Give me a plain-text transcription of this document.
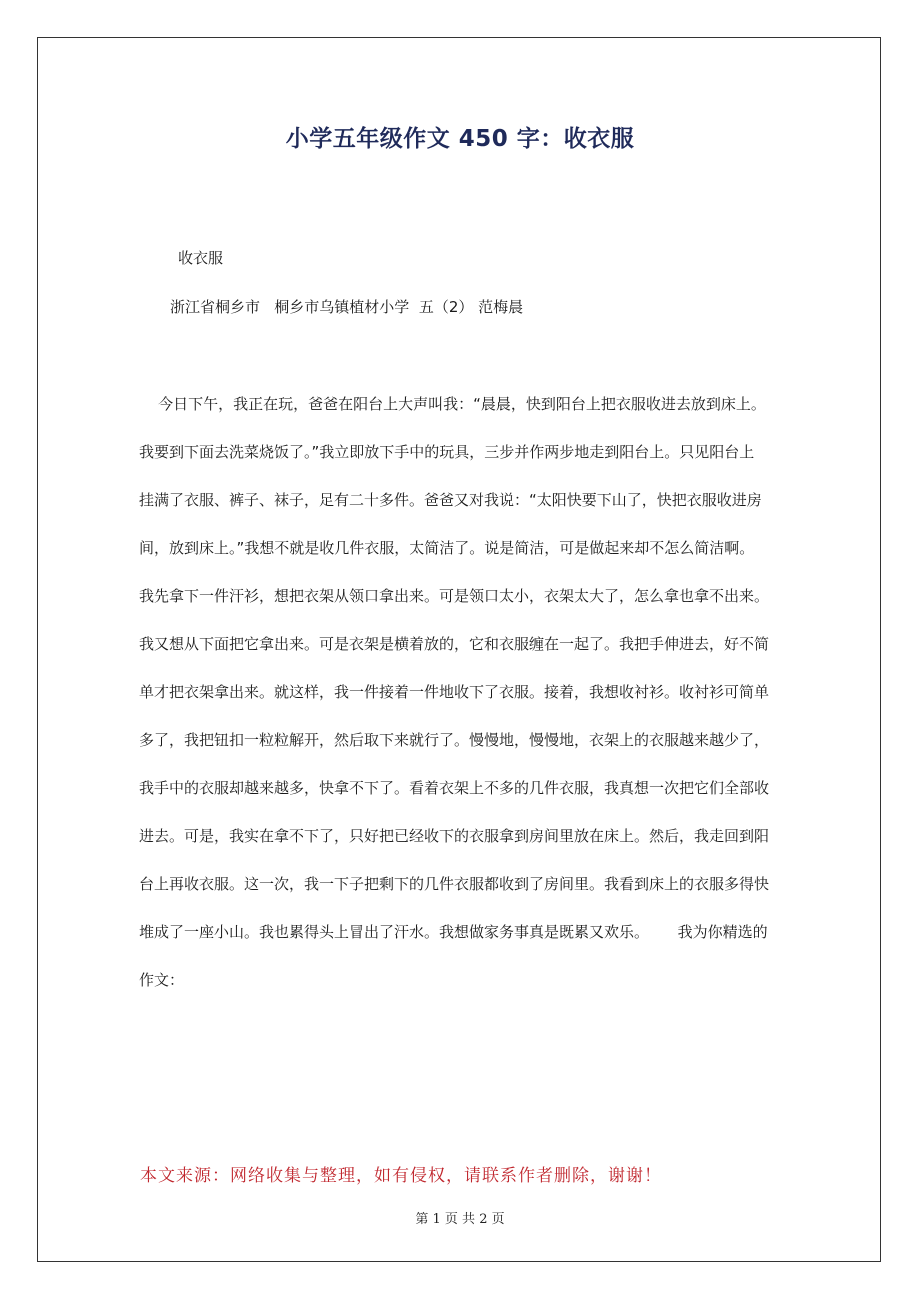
小学五年级作文 450 字：收衣服
收衣服
浙江省桐乡市   桐乡市乌镇植材小学  五（2） 范梅晨
今日下午，我正在玩，爸爸在阳台上大声叫我：“晨晨，快到阳台上把衣服收进去放到床上。
我要到下面去洗菜烧饭了。”我立即放下手中的玩具，三步并作两步地走到阳台上。只见阳台上
挂满了衣服、裤子、袜子，足有二十多件。爸爸又对我说：“太阳快要下山了，快把衣服收进房
间，放到床上。”我想不就是收几件衣服，太简洁了。说是简洁，可是做起来却不怎么简洁啊。
我先拿下一件汗衫，想把衣架从领口拿出来。可是领口太小，衣架太大了，怎么拿也拿不出来。
我又想从下面把它拿出来。可是衣架是横着放的，它和衣服缠在一起了。我把手伸进去，好不简
单才把衣架拿出来。就这样，我一件接着一件地收下了衣服。接着，我想收衬衫。收衬衫可简单
多了，我把钮扣一粒粒解开，然后取下来就行了。慢慢地，慢慢地，衣架上的衣服越来越少了，
我手中的衣服却越来越多，快拿不下了。看着衣架上不多的几件衣服，我真想一次把它们全部收
进去。可是，我实在拿不下了，只好把已经收下的衣服拿到房间里放在床上。然后，我走回到阳
台上再收衣服。这一次，我一下子把剩下的几件衣服都收到了房间里。我看到床上的衣服多得快
堆成了一座小山。我也累得头上冒出了汗水。我想做家务事真是既累又欢乐。      我为你精选的
作文：
本文来源：网络收集与整理，如有侵权，请联系作者删除，谢谢！
第 1 页 共 2 页
